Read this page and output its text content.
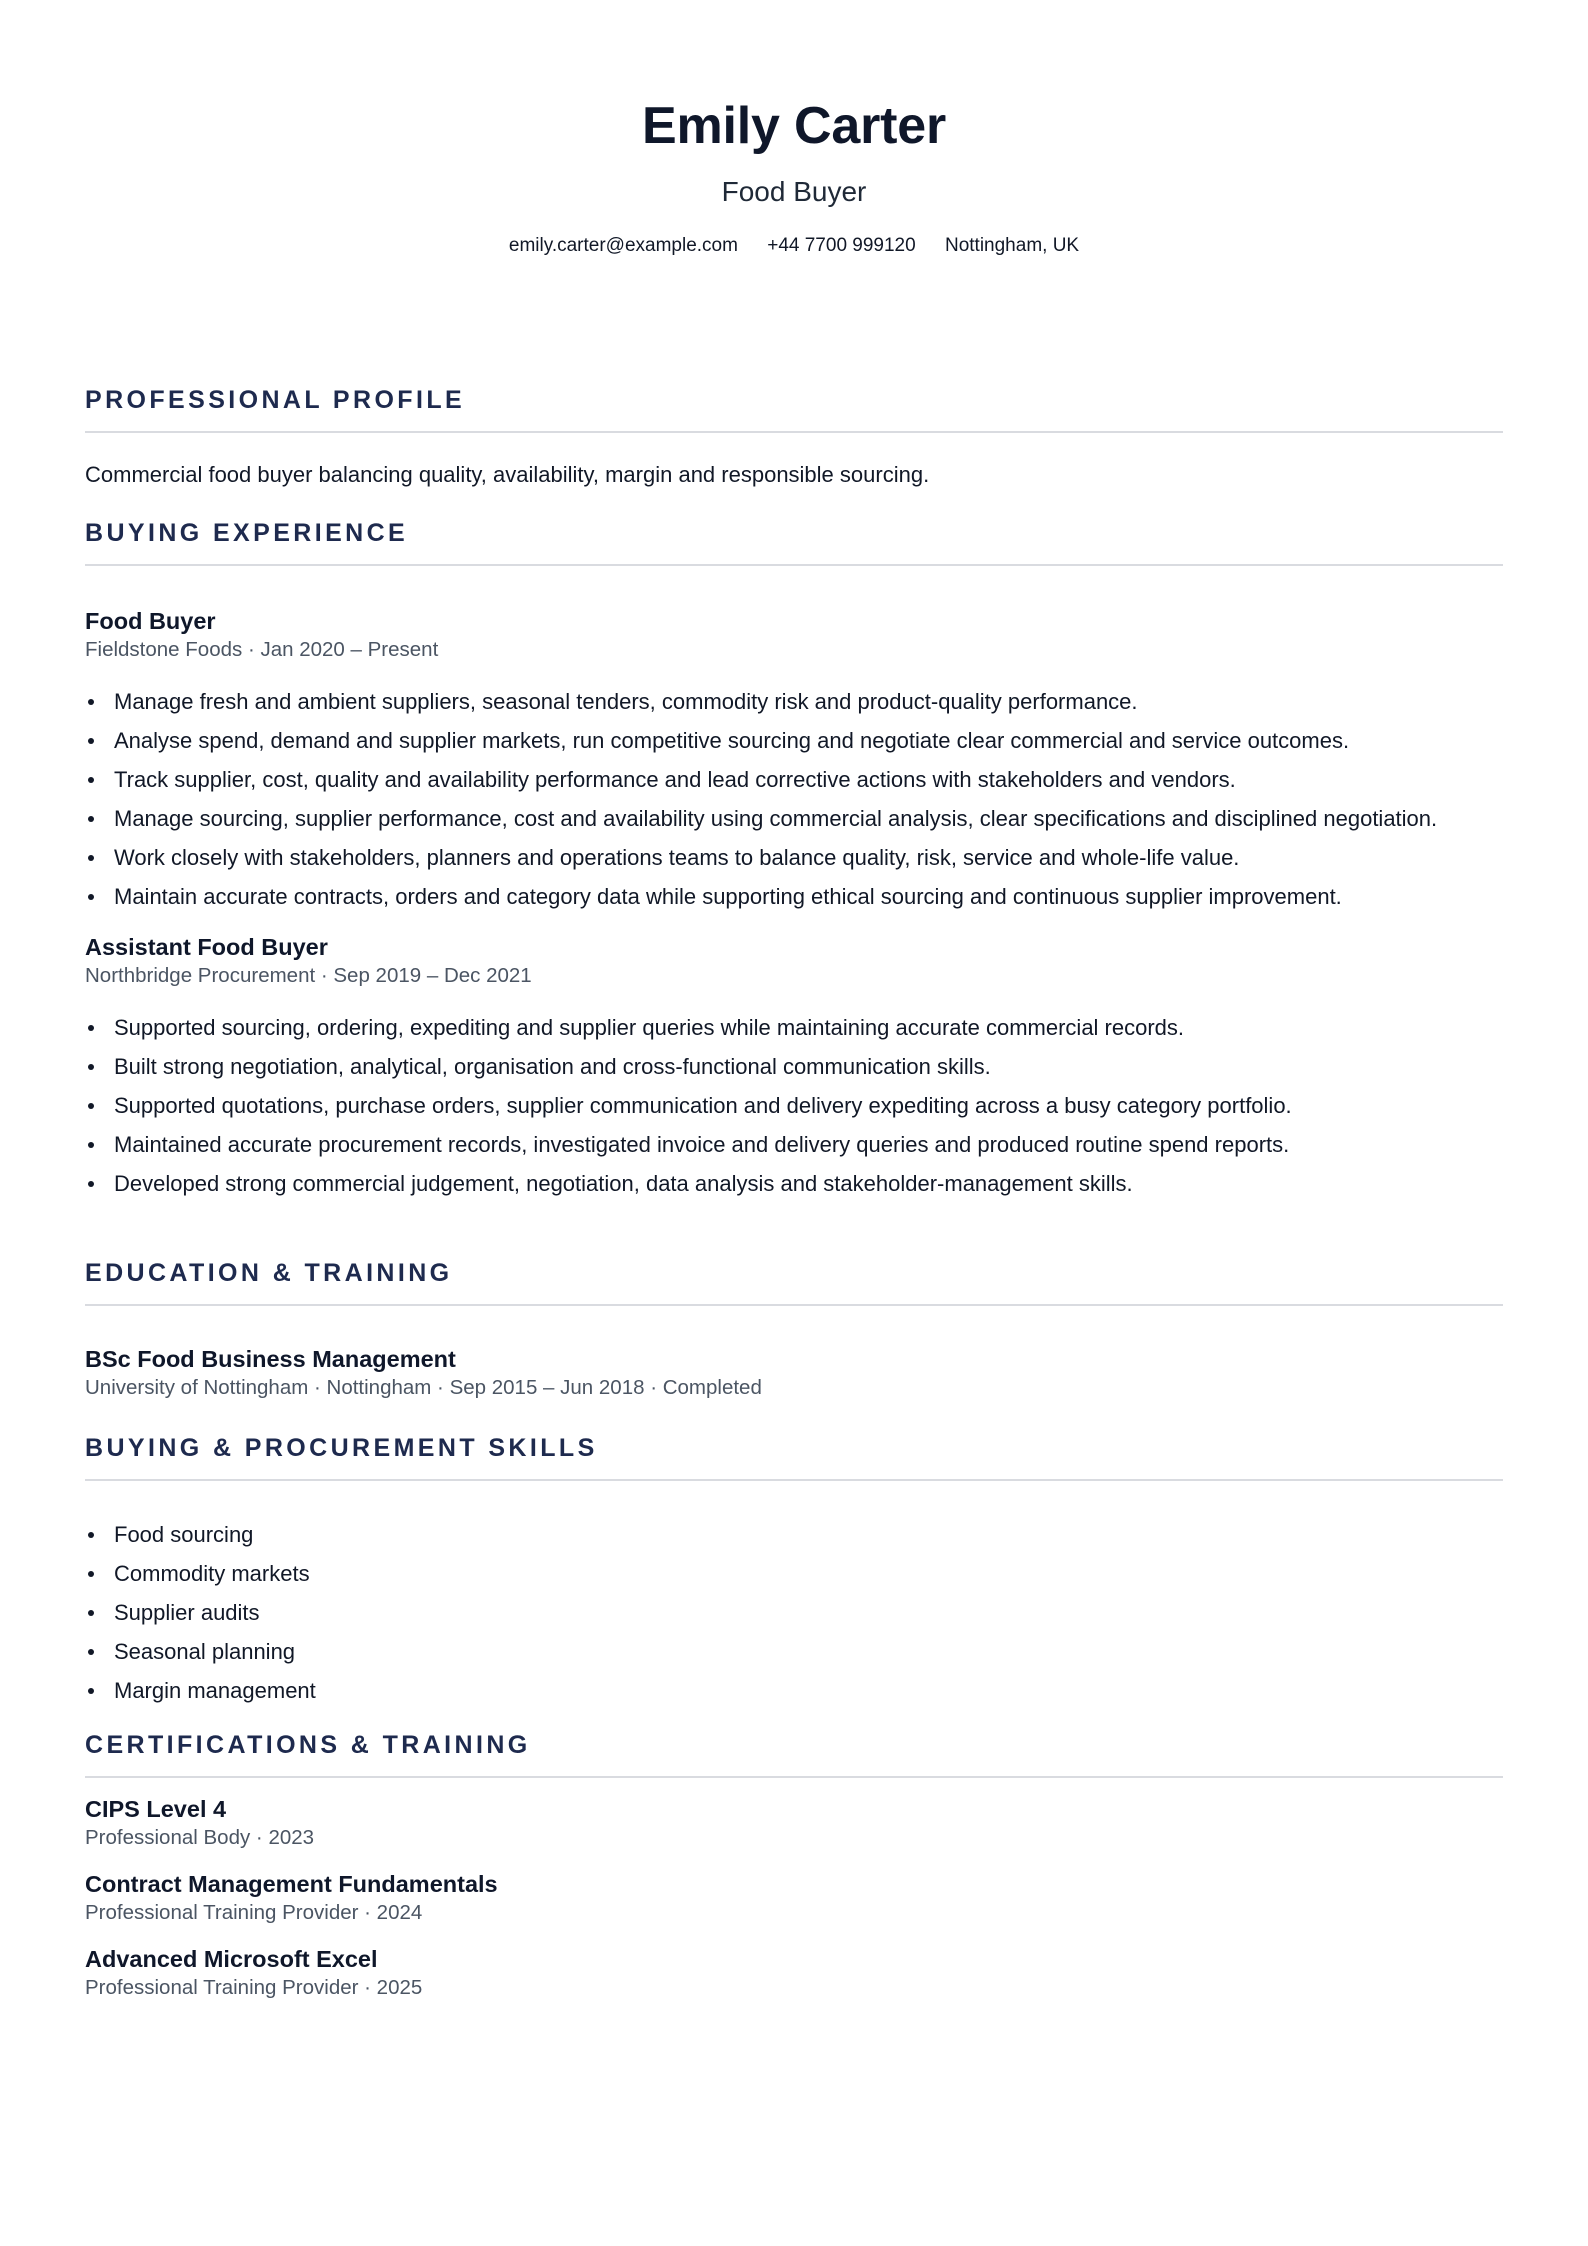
Emily Carter
Food Buyer
emily.carter@example.com +44 7700 999120 Nottingham, UK
PROFESSIONAL PROFILE
Commercial food buyer balancing quality, availability, margin and responsible sourcing.
BUYING EXPERIENCE
Food Buyer
Fieldstone Foods · Jan 2020 – Present
Manage fresh and ambient suppliers, seasonal tenders, commodity risk and product-quality performance.
Analyse spend, demand and supplier markets, run competitive sourcing and negotiate clear commercial and service outcomes.
Track supplier, cost, quality and availability performance and lead corrective actions with stakeholders and vendors.
Manage sourcing, supplier performance, cost and availability using commercial analysis, clear specifications and disciplined negotiation.
Work closely with stakeholders, planners and operations teams to balance quality, risk, service and whole-life value.
Maintain accurate contracts, orders and category data while supporting ethical sourcing and continuous supplier improvement.
Assistant Food Buyer
Northbridge Procurement · Sep 2019 – Dec 2021
Supported sourcing, ordering, expediting and supplier queries while maintaining accurate commercial records.
Built strong negotiation, analytical, organisation and cross-functional communication skills.
Supported quotations, purchase orders, supplier communication and delivery expediting across a busy category portfolio.
Maintained accurate procurement records, investigated invoice and delivery queries and produced routine spend reports.
Developed strong commercial judgement, negotiation, data analysis and stakeholder-management skills.
EDUCATION & TRAINING
BSc Food Business Management
University of Nottingham · Nottingham · Sep 2015 – Jun 2018 · Completed
BUYING & PROCUREMENT SKILLS
Food sourcing
Commodity markets
Supplier audits
Seasonal planning
Margin management
CERTIFICATIONS & TRAINING
CIPS Level 4
Professional Body · 2023
Contract Management Fundamentals
Professional Training Provider · 2024
Advanced Microsoft Excel
Professional Training Provider · 2025
